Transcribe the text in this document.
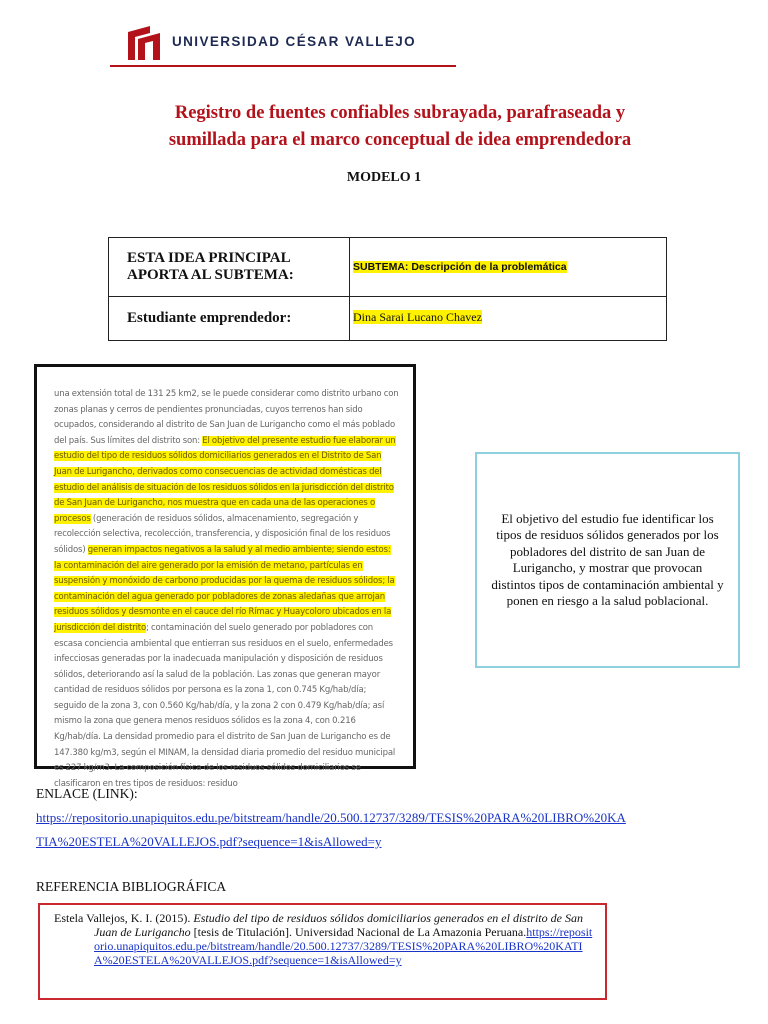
UNIVERSIDAD CÉSAR VALLEJO
Registro de fuentes confiables subrayada, parafraseada y
sumillada para el marco conceptual de idea emprendedora
MODELO 1
ESTA IDEA PRINCIPAL
APORTA AL SUBTEMA:	SUBTEMA: Descripción de la problemática

Estudiante emprendedor:	Dina Sarai Lucano Chavez

una extensión total de 131 25 km2, se le puede considerar como distrito urbano con zonas planas y cerros de pendientes pronunciadas, cuyos terrenos han sido ocupados, considerando al distrito de San Juan de Lurigancho como el más poblado del país. Sus límites del distrito son: El objetivo del presente estudio fue elaborar un estudio del tipo de residuos sólidos domiciliarios generados en el Distrito de San Juan de Lurigancho, derivados como consecuencias de actividad domésticas del estudio del análisis de situación de los residuos sólidos en la jurisdicción del distrito de San Juan de Lurigancho, nos muestra que en cada una de las operaciones o procesos (generación de residuos sólidos, almacenamiento, segregación y recolección selectiva, recolección, transferencia, y disposición final de los residuos sólidos) generan impactos negativos a la salud y al medio ambiente; siendo estos: la contaminación del aire generado por la emisión de metano, partículas en suspensión y monóxido de carbono producidas por la quema de residuos sólidos; la contaminación del agua generado por pobladores de zonas aledañas que arrojan residuos sólidos y desmonte en el cauce del río Rímac y Huaycoloro ubicados en la jurisdicción del distrito; contaminación del suelo generado por pobladores con escasa conciencia ambiental que entierran sus residuos en el suelo, enfermedades infecciosas generadas por la inadecuada manipulación y disposición de residuos sólidos, deteriorando así la salud de la población. Las zonas que generan mayor cantidad de residuos sólidos por persona es la zona 1, con 0.745 Kg/hab/día; seguido de la zona 3, con 0.560 Kg/hab/día, y la zona 2 con 0.479 Kg/hab/día; así mismo la zona que genera menos residuos sólidos es la zona 4, con 0.216 Kg/hab/día. La densidad promedio para el distrito de San Juan de Lurigancho es de 147.380 kg/m3, según el MINAM, la densidad diaria promedio del residuo municipal es 227 kg/m3. La composición física de los residuos sólidos domiciliarios se clasificaron en tres tipos de residuos: residuo

El objetivo del estudio fue identificar los tipos de residuos sólidos generados por los pobladores del distrito de san Juan de Lurigancho, y mostrar que provocan distintos tipos de contaminación ambiental y ponen en riesgo a la salud poblacional.
ENLACE (LINK):
https://repositorio.unapiquitos.edu.pe/bitstream/handle/20.500.12737/3289/TESIS%20PARA%20LIBRO%20KA
TIA%20ESTELA%20VALLEJOS.pdf?sequence=1&isAllowed=y
REFERENCIA BIBLIOGRÁFICA

Estela Vallejos, K. I. (2015). Estudio del tipo de residuos sólidos domiciliarios generados en el distrito de San Juan de Lurigancho [tesis de Titulación]. Universidad Nacional de La Amazonia Peruana.https://repositorio.unapiquitos.edu.pe/bitstream/handle/20.500.12737/3289/TESIS%20PARA%20LIBRO%20KATIA%20ESTELA%20VALLEJOS.pdf?sequence=1&isAllowed=y
